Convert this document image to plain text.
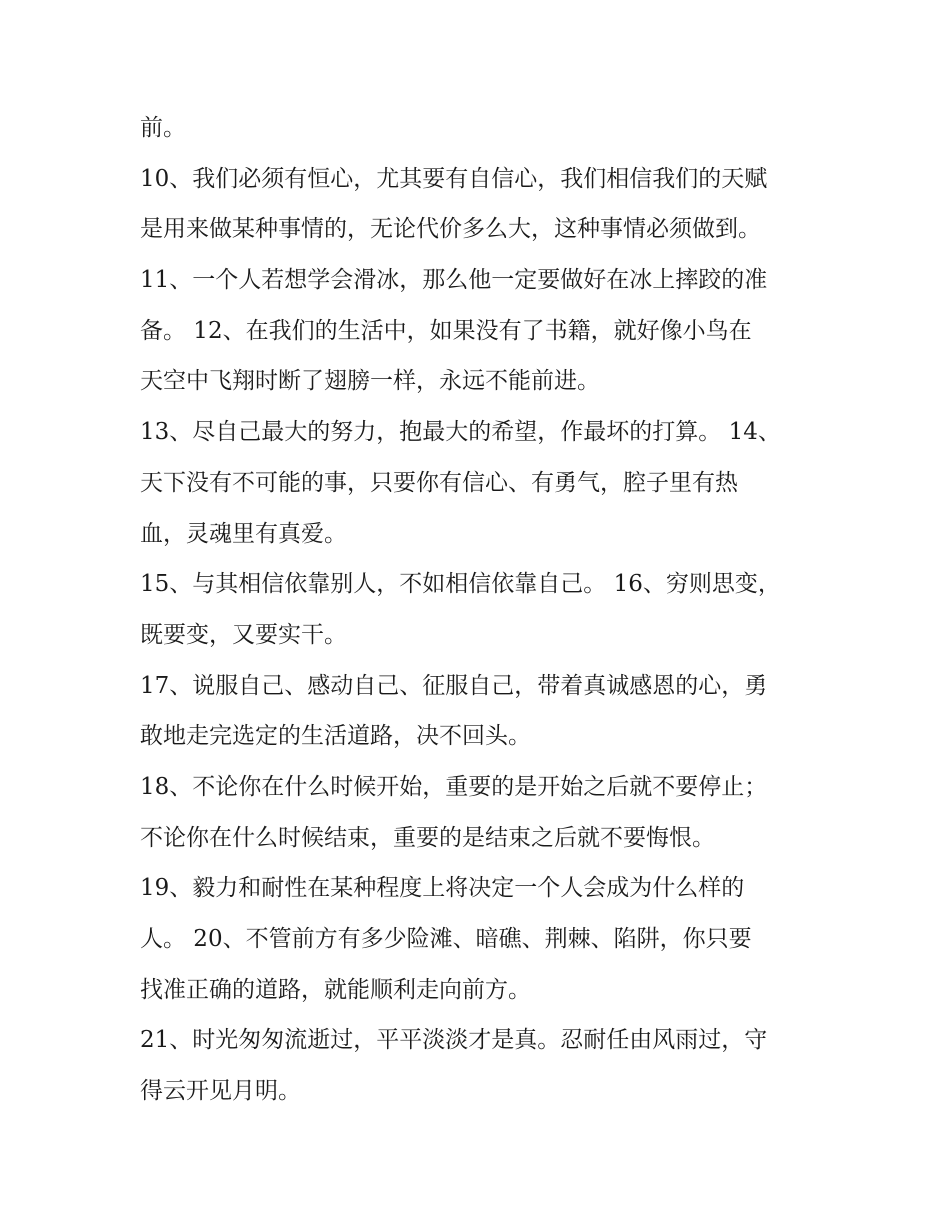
前。
10、我们必须有恒心，尤其要有自信心，我们相信我们的天赋
是用来做某种事情的，无论代价多么大，这种事情必须做到。
11、一个人若想学会滑冰，那么他一定要做好在冰上摔跤的准
备。 12、在我们的生活中，如果没有了书籍，就好像小鸟在
天空中飞翔时断了翅膀一样，永远不能前进。
13、尽自己最大的努力，抱最大的希望，作最坏的打算。 14、
天下没有不可能的事，只要你有信心、有勇气，腔子里有热
血，灵魂里有真爱。
15、与其相信依靠别人，不如相信依靠自己。 16、穷则思变，
既要变，又要实干。
17、说服自己、感动自己、征服自己，带着真诚感恩的心，勇
敢地走完选定的生活道路，决不回头。
18、不论你在什么时候开始，重要的是开始之后就不要停止；
不论你在什么时候结束，重要的是结束之后就不要悔恨。
19、毅力和耐性在某种程度上将决定一个人会成为什么样的
人。 20、不管前方有多少险滩、暗礁、荆棘、陷阱，你只要
找准正确的道路，就能顺利走向前方。
21、时光匆匆流逝过，平平淡淡才是真。忍耐任由风雨过，守
得云开见月明。
